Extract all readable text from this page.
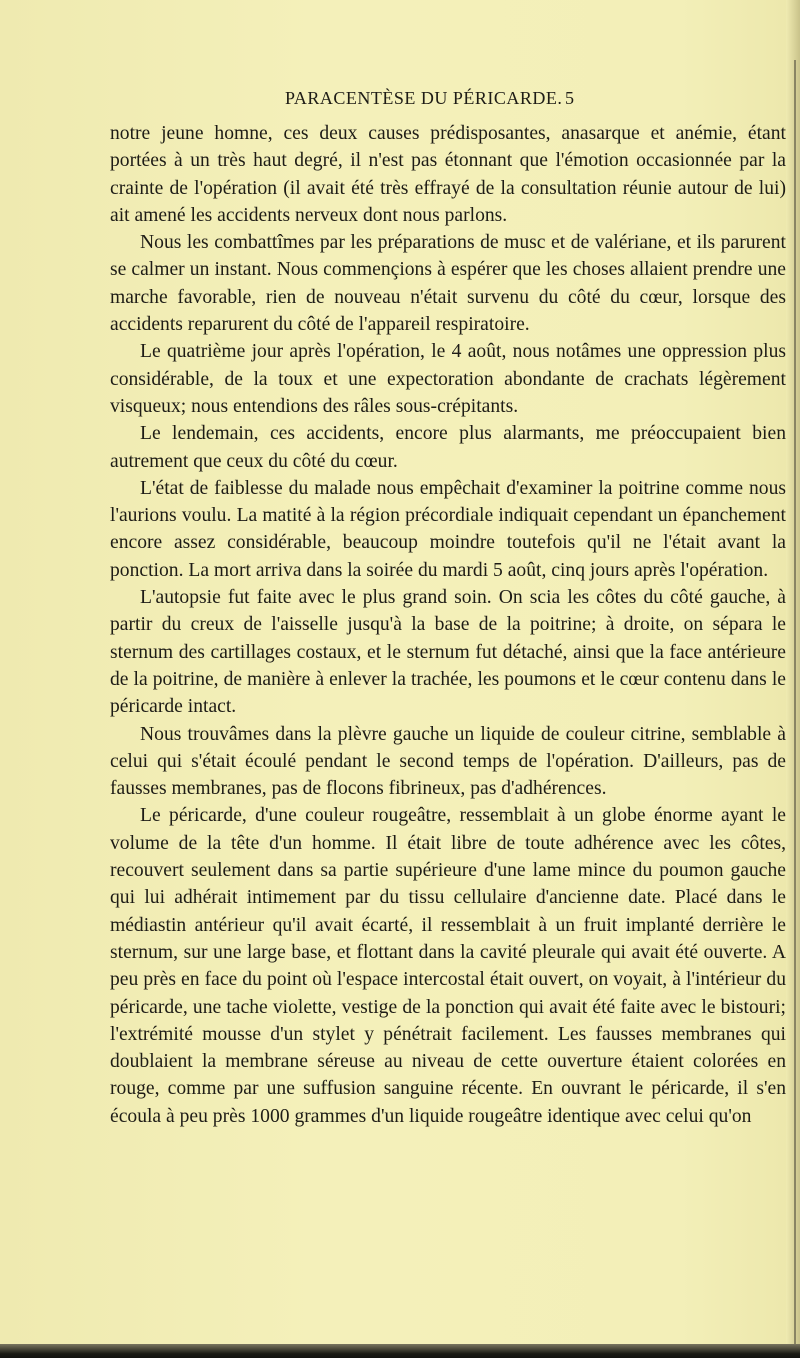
PARACENTÈSE DU PÉRICARDE. 5

notre jeune homne, ces deux causes prédisposantes, anasarque et anémie, étant portées à un très haut degré, il n'est pas étonnant que l'émotion occasionnée par la crainte de l'opération (il avait été très effrayé de la consultation réunie autour de lui) ait amené les accidents nerveux dont nous parlons.

Nous les combattîmes par les préparations de musc et de valériane, et ils parurent se calmer un instant. Nous commençions à espérer que les choses allaient prendre une marche favorable, rien de nouveau n'était survenu du côté du cœur, lorsque des accidents reparurent du côté de l'appareil respiratoire.

Le quatrième jour après l'opération, le 4 août, nous notâmes une oppression plus considérable, de la toux et une expectoration abondante de crachats légèrement visqueux; nous entendions des râles sous-crépitants.

Le lendemain, ces accidents, encore plus alarmants, me préoccupaient bien autrement que ceux du côté du cœur.

L'état de faiblesse du malade nous empêchait d'examiner la poitrine comme nous l'aurions voulu. La matité à la région précordiale indiquait cependant un épanchement encore assez considérable, beaucoup moindre toutefois qu'il ne l'était avant la ponction. La mort arriva dans la soirée du mardi 5 août, cinq jours après l'opération.

L'autopsie fut faite avec le plus grand soin. On scia les côtes du côté gauche, à partir du creux de l'aisselle jusqu'à la base de la poitrine; à droite, on sépara le sternum des cartillages costaux, et le sternum fut détaché, ainsi que la face antérieure de la poitrine, de manière à enlever la trachée, les poumons et le cœur contenu dans le péricarde intact.

Nous trouvâmes dans la plèvre gauche un liquide de couleur citrine, semblable à celui qui s'était écoulé pendant le second temps de l'opération. D'ailleurs, pas de fausses membranes, pas de flocons fibrineux, pas d'adhérences.

Le péricarde, d'une couleur rougeâtre, ressemblait à un globe énorme ayant le volume de la tête d'un homme. Il était libre de toute adhérence avec les côtes, recouvert seulement dans sa partie supérieure d'une lame mince du poumon gauche qui lui adhérait intimement par du tissu cellulaire d'ancienne date. Placé dans le médiastin antérieur qu'il avait écarté, il ressemblait à un fruit implanté derrière le sternum, sur une large base, et flottant dans la cavité pleurale qui avait été ouverte. A peu près en face du point où l'espace intercostal était ouvert, on voyait, à l'intérieur du péricarde, une tache violette, vestige de la ponction qui avait été faite avec le bistouri; l'extrémité mousse d'un stylet y pénétrait facilement. Les fausses membranes qui doublaient la membrane séreuse au niveau de cette ouverture étaient colorées en rouge, comme par une suffusion sanguine récente. En ouvrant le péricarde, il s'en écoula à peu près 1000 grammes d'un liquide rougeâtre identique avec celui qu'on
